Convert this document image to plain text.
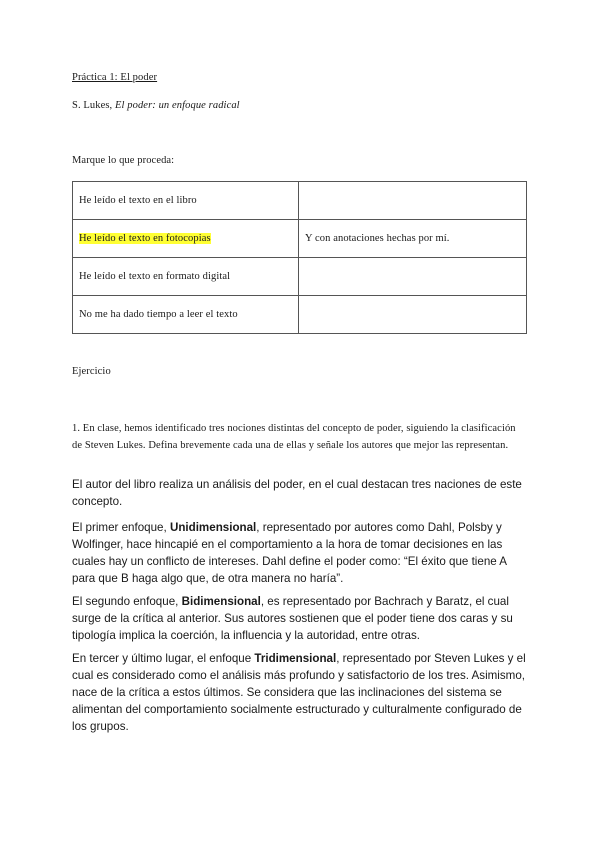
Práctica 1: El poder
S. Lukes, El poder: un enfoque radical
Marque lo que proceda:
He leído el texto en el libro	
He leído el texto en fotocopias	Y con anotaciones hechas por mí.
He leído el texto en formato digital	
No me ha dado tiempo a leer el texto	
Ejercicio
1. En clase, hemos identificado tres nociones distintas del concepto de poder, siguiendo la clasificación de Steven Lukes. Defina brevemente cada una de ellas y señale los autores que mejor las representan.
El autor del libro realiza un análisis del poder, en el cual destacan tres naciones de este concepto.
El primer enfoque, Unidimensional, representado por autores como Dahl, Polsby y Wolfinger, hace hincapié en el comportamiento a la hora de tomar decisiones en las cuales hay un conflicto de intereses. Dahl define el poder como: “El éxito que tiene A para que B haga algo que, de otra manera no haría”.
El segundo enfoque, Bidimensional, es representado por Bachrach y Baratz, el cual surge de la crítica al anterior. Sus autores sostienen que el poder tiene dos caras y su tipología implica la coerción, la influencia y la autoridad, entre otras.
En tercer y último lugar, el enfoque Tridimensional, representado por Steven Lukes y el cual es considerado como el análisis más profundo y satisfactorio de los tres. Asimismo, nace de la crítica a estos últimos. Se considera que las inclinaciones del sistema se alimentan del comportamiento socialmente estructurado y culturalmente configurado de los grupos.
